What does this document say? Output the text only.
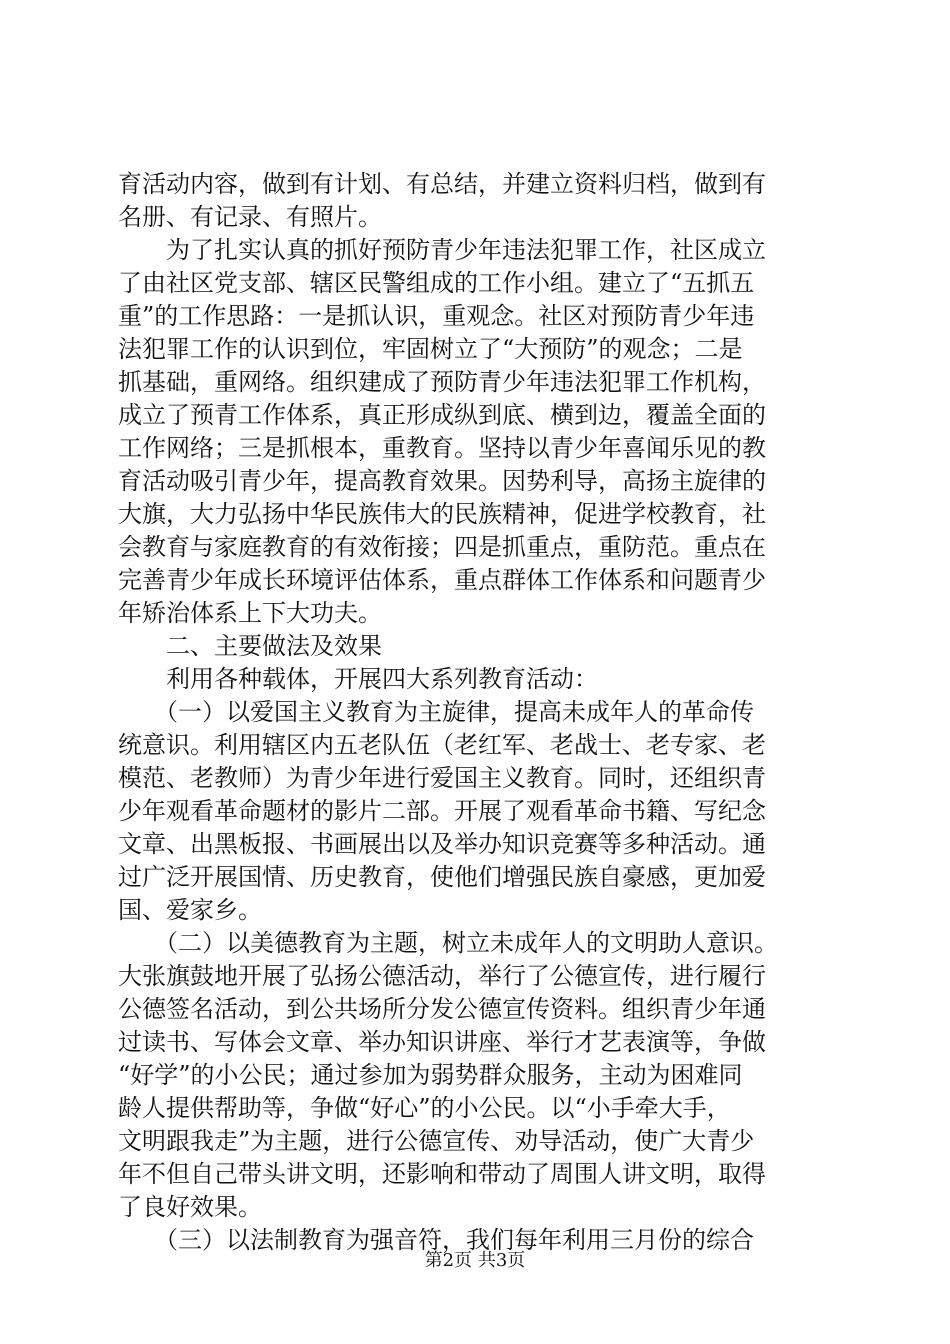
育活动内容，做到有计划、有总结，并建立资料归档，做到有
名册、有记录、有照片。
　　为了扎实认真的抓好预防青少年违法犯罪工作，社区成立
了由社区党支部、辖区民警组成的工作小组。建立了“五抓五
重”的工作思路：一是抓认识，重观念。社区对预防青少年违
法犯罪工作的认识到位，牢固树立了“大预防”的观念；二是
抓基础，重网络。组织建成了预防青少年违法犯罪工作机构，
成立了预青工作体系，真正形成纵到底、横到边，覆盖全面的
工作网络；三是抓根本，重教育。坚持以青少年喜闻乐见的教
育活动吸引青少年，提高教育效果。因势利导，高扬主旋律的
大旗，大力弘扬中华民族伟大的民族精神，促进学校教育，社
会教育与家庭教育的有效衔接；四是抓重点，重防范。重点在
完善青少年成长环境评估体系，重点群体工作体系和问题青少
年矫治体系上下大功夫。
　　二、主要做法及效果
　　利用各种载体，开展四大系列教育活动：
　　（一）以爱国主义教育为主旋律，提高未成年人的革命传
统意识。利用辖区内五老队伍（老红军、老战士、老专家、老
模范、老教师）为青少年进行爱国主义教育。同时，还组织青
少年观看革命题材的影片二部。开展了观看革命书籍、写纪念
文章、出黑板报、书画展出以及举办知识竞赛等多种活动。通
过广泛开展国情、历史教育，使他们增强民族自豪感，更加爱
国、爱家乡。
　　（二）以美德教育为主题，树立未成年人的文明助人意识。
大张旗鼓地开展了弘扬公德活动，举行了公德宣传，进行履行
公德签名活动，到公共场所分发公德宣传资料。组织青少年通
过读书、写体会文章、举办知识讲座、举行才艺表演等，争做
“好学”的小公民；通过参加为弱势群众服务，主动为困难同
龄人提供帮助等，争做“好心”的小公民。以“小手牵大手，
文明跟我走”为主题，进行公德宣传、劝导活动，使广大青少
年不但自己带头讲文明，还影响和带动了周围人讲文明，取得
了良好效果。
　　（三）以法制教育为强音符，我们每年利用三月份的综合
第2页 共3页
